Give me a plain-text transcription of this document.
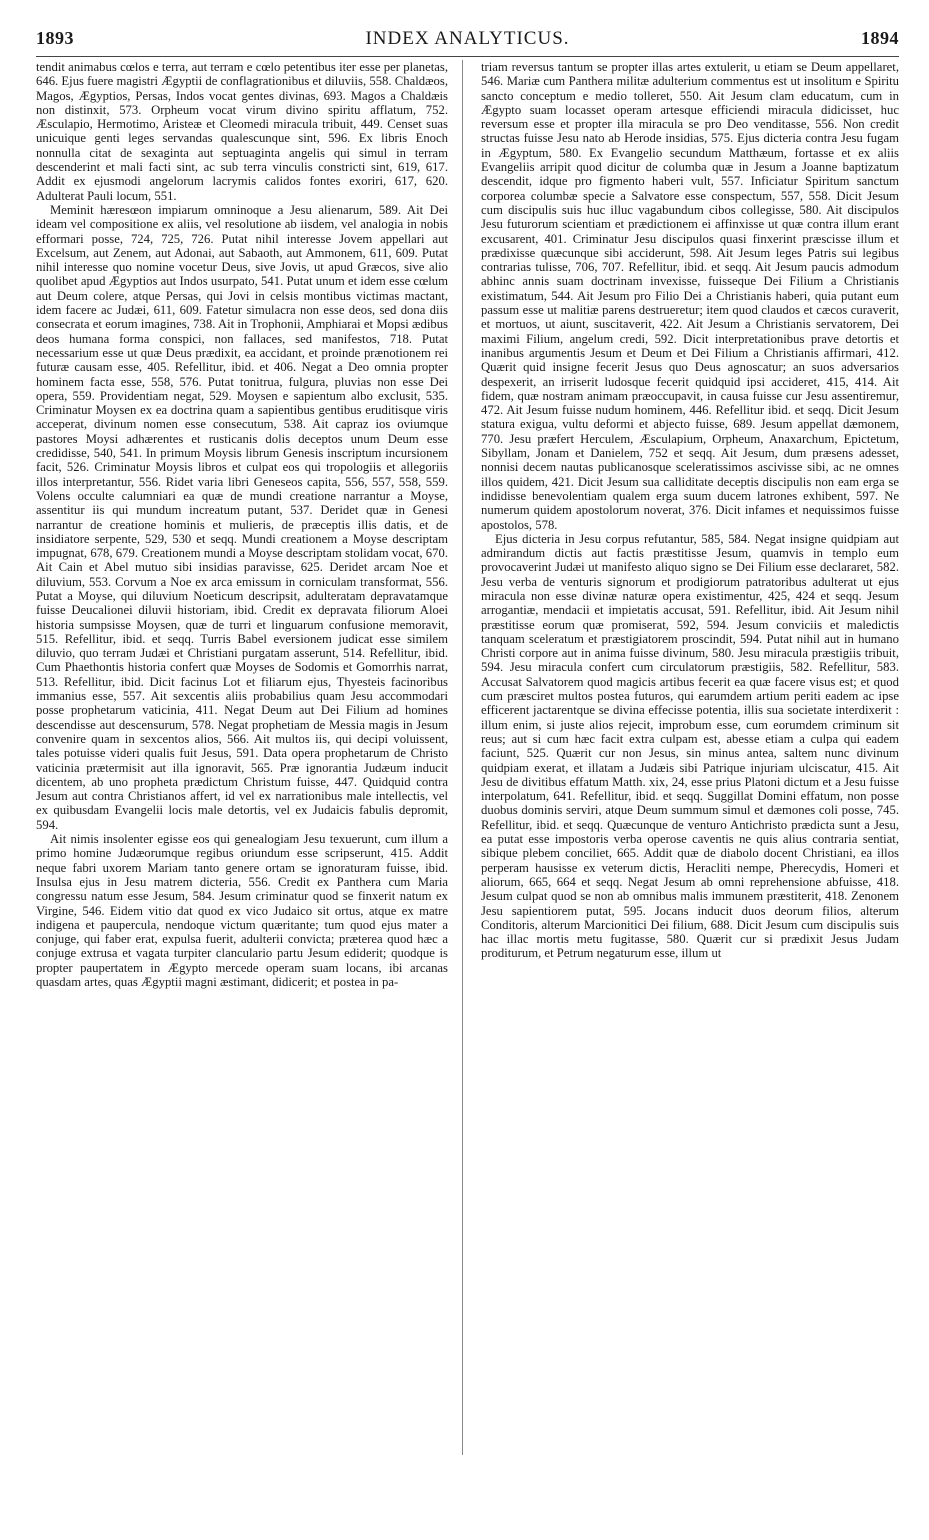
1893	INDEX ANALYTICUS.	1894

tendit animabus cœlos e terra, aut terram e cœlo petentibus iter esse per planetas, 646. Ejus fuere magistri Ægyptii de conflagrationibus et diluviis, 558. Chaldæos, Magos, Ægyptios, Persas, Indos vocat gentes divinas, 693. Magos a Chaldæis non distinxit, 573. Orpheum vocat virum divino spiritu afflatum, 752. Æsculapio, Hermotimo, Aristeæ et Cleomedi miracula tribuit, 449. Censet suas unicuique genti leges servandas qualescunque sint, 596. Ex libris Enoch nonnulla citat de sexaginta aut septuaginta angelis qui simul in terram descenderint et mali facti sint, ac sub terra vinculis constricti sint, 619, 617. Addit ex ejusmodi angelorum lacrymis calidos fontes exoriri, 617, 620. Adulterat Pauli locum, 551.

Meminit hæresœon impiarum omninoque a Jesu alienarum, 589. Ait Dei ideam vel compositione ex aliis, vel resolutione ab iisdem, vel analogia in nobis efformari posse, 724, 725, 726. Putat nihil interesse Jovem appellari aut Excelsum, aut Zenem, aut Adonai, aut Sabaoth, aut Ammonem, 611, 609. Putat nihil interesse quo nomine vocetur Deus, sive Jovis, ut apud Græcos, sive alio quolibet apud Ægyptios aut Indos usurpato, 541. Putat unum et idem esse cœlum aut Deum colere, atque Persas, qui Jovi in celsis montibus victimas mactant, idem facere ac Judæi, 611, 609. Fatetur simulacra non esse deos, sed dona diis consecrata et eorum imagines, 738. Ait in Trophonii, Amphiarai et Mopsi ædibus deos humana forma conspici, non fallaces, sed manifestos, 718. Putat necessarium esse ut quæ Deus prædixit, ea accidant, et proinde prænotionem rei futuræ causam esse, 405. Refellitur, ibid. et 406. Negat a Deo omnia propter hominem facta esse, 558, 576. Putat tonitrua, fulgura, pluvias non esse Dei opera, 559. Providentiam negat, 529. Moysen e sapientum albo exclusit, 535. Criminatur Moysen ex ea doctrina quam a sapientibus gentibus eruditisque viris acceperat, divinum nomen esse consecutum, 538. Ait capraz ios oviumque pastores Moysi adhærentes et rusticanis dolis deceptos unum Deum esse credidisse, 540, 541. In primum Moysis librum Genesis inscriptum incursionem facit, 526. Criminatur Moysis libros et culpat eos qui tropologiis et allegoriis illos interpretantur, 556. Ridet varia libri Geneseos capita, 556, 557, 558, 559. Volens occulte calumniari ea quæ de mundi creatione narrantur a Moyse, assentitur iis qui mundum increatum putant, 537. Deridet quæ in Genesi narrantur de creatione hominis et mulieris, de præceptis illis datis, et de insidiatore serpente, 529, 530 et seqq. Mundi creationem a Moyse descriptam impugnat, 678, 679. Creationem mundi a Moyse descriptam stolidam vocat, 670. Ait Cain et Abel mutuo sibi insidias paravisse, 625. Deridet arcam Noe et diluvium, 553. Corvum a Noe ex arca emissum in corniculam transformat, 556. Putat a Moyse, qui diluvium Noeticum descripsit, adulteratam depravatamque fuisse Deucalionei diluvii historiam, ibid. Credit ex depravata filiorum Aloei historia sumpsisse Moysen, quæ de turri et linguarum confusione memoravit, 515. Refellitur, ibid. et seqq. Turris Babel eversionem judicat esse similem diluvio, quo terram Judæi et Christiani purgatam asserunt, 514. Refellitur, ibid. Cum Phaethontis historia confert quæ Moyses de Sodomis et Gomorrhis narrat, 513. Refellitur, ibid. Dicit facinus Lot et filiarum ejus, Thyesteis facinoribus immanius esse, 557. Ait sexcentis aliis probabilius quam Jesu accommodari posse prophetarum vaticinia, 411. Negat Deum aut Dei Filium ad homines descendisse aut descensurum, 578. Negat prophetiam de Messia magis in Jesum convenire quam in sexcentos alios, 566. Ait multos iis, qui decipi voluissent, tales potuisse videri qualis fuit Jesus, 591. Data opera prophetarum de Christo vaticinia prætermisit aut illa ignoravit, 565. Præ ignorantia Judæum inducit dicentem, ab uno propheta prædictum Christum fuisse, 447. Quidquid contra Jesum aut contra Christianos affert, id vel ex narrationibus male intellectis, vel ex quibusdam Evangelii locis male detortis, vel ex Judaicis fabulis depromit, 594.

Ait nimis insolenter egisse eos qui genealogiam Jesu texuerunt, cum illum a primo homine Judæorumque regibus oriundum esse scripserunt, 415. Addit neque fabri uxorem Mariam tanto genere ortam se ignoraturam fuisse, ibid. Insulsa ejus in Jesu matrem dicteria, 556. Credit ex Panthera cum Maria congressu natum esse Jesum, 584. Jesum criminatur quod se finxerit natum ex Virgine, 546. Eidem vitio dat quod ex vico Judaico sit ortus, atque ex matre indigena et paupercula, nendoque victum quæritante; tum quod ejus mater a conjuge, qui faber erat, expulsa fuerit, adulterii convicta; præterea quod hæc a conjuge extrusa et vagata turpiter clanculario partu Jesum ediderit; quodque is propter paupertatem in Ægypto mercede operam suam locans, ibi arcanas quasdam artes, quas Ægyptii magni æstimant, didicerit; et postea in pa-

triam reversus tantum se propter illas artes extulerit, u etiam se Deum appellaret, 546. Mariæ cum Panthera militæ adulterium commentus est ut insolitum e Spiritu sancto conceptum e medio tolleret, 550. Ait Jesum clam educatum, cum in Ægypto suam locasset operam artesque efficiendi miracula didicisset, huc reversum esse et propter illa miracula se pro Deo venditasse, 556. Non credit structas fuisse Jesu nato ab Herode insidias, 575. Ejus dicteria contra Jesu fugam in Ægyptum, 580. Ex Evangelio secundum Matthæum, fortasse et ex aliis Evangeliis arripit quod dicitur de columba quæ in Jesum a Joanne baptizatum descendit, idque pro figmento haberi vult, 557. Inficiatur Spiritum sanctum corporea columbæ specie a Salvatore esse conspectum, 557, 558. Dicit Jesum cum discipulis suis huc illuc vagabundum cibos collegisse, 580. Ait discipulos Jesu futurorum scientiam et prædictionem ei affinxisse ut quæ contra illum erant excusarent, 401. Criminatur Jesu discipulos quasi finxerint præscisse illum et prædixisse quæcunque sibi acciderunt, 598. Ait Jesum leges Patris sui legibus contrarias tulisse, 706, 707. Refellitur, ibid. et seqq. Ait Jesum paucis admodum abhinc annis suam doctrinam invexisse, fuisseque Dei Filium a Christianis existimatum, 544. Ait Jesum pro Filio Dei a Christianis haberi, quia putant eum passum esse ut malitiæ parens destrueretur; item quod claudos et cæcos curaverit, et mortuos, ut aiunt, suscitaverit, 422. Ait Jesum a Christianis servatorem, Dei maximi Filium, angelum credi, 592. Dicit interpretationibus prave detortis et inanibus argumentis Jesum et Deum et Dei Filium a Christianis affirmari, 412. Quærit quid insigne fecerit Jesus quo Deus agnoscatur; an suos adversarios despexerit, an irriserit ludosque fecerit quidquid ipsi accideret, 415, 414. Ait fidem, quæ nostram animam præoccupavit, in causa fuisse cur Jesu assentiremur, 472. Ait Jesum fuisse nudum hominem, 446. Refellitur ibid. et seqq. Dicit Jesum statura exigua, vultu deformi et abjecto fuisse, 689. Jesum appellat dæmonem, 770. Jesu præfert Herculem, Æsculapium, Orpheum, Anaxarchum, Epictetum, Sibyllam, Jonam et Danielem, 752 et seqq. Ait Jesum, dum præsens adesset, nonnisi decem nautas publicanosque sceleratissimos ascivisse sibi, ac ne omnes illos quidem, 421. Dicit Jesum sua calliditate deceptis discipulis non eam erga se indidisse benevolentiam qualem erga suum ducem latrones exhibent, 597. Ne numerum quidem apostolorum noverat, 376. Dicit infames et nequissimos fuisse apostolos, 578.

Ejus dicteria in Jesu corpus refutantur, 585, 584. Negat insigne quidpiam aut admirandum dictis aut factis præstitisse Jesum, quamvis in templo eum provocaverint Judæi ut manifesto aliquo signo se Dei Filium esse declararet, 582. Jesu verba de venturis signorum et prodigiorum patratoribus adulterat ut ejus miracula non esse divinæ naturæ opera existimentur, 425, 424 et seqq. Jesum arrogantiæ, mendacii et impietatis accusat, 591. Refellitur, ibid. Ait Jesum nihil præstitisse eorum quæ promiserat, 592, 594. Jesum conviciis et maledictis tanquam sceleratum et præstigiatorem proscindit, 594. Putat nihil aut in humano Christi corpore aut in anima fuisse divinum, 580. Jesu miracula præstigiis tribuit, 594. Jesu miracula confert cum circulatorum præstigiis, 582. Refellitur, 583. Accusat Salvatorem quod magicis artibus fecerit ea quæ facere visus est; et quod cum præsciret multos postea futuros, qui earumdem artium periti eadem ac ipse efficerent jactarentque se divina effecisse potentia, illis sua societate interdixerit : illum enim, si juste alios rejecit, improbum esse, cum eorumdem criminum sit reus; aut si cum hæc facit extra culpam est, abesse etiam a culpa qui eadem faciunt, 525. Quærit cur non Jesus, sin minus antea, saltem nunc divinum quidpiam exerat, et illatam a Judæis sibi Patrique injuriam ulciscatur, 415. Ait Jesu de divitibus effatum Matth. xix, 24, esse prius Platoni dictum et a Jesu fuisse interpolatum, 641. Refellitur, ibid. et seqq. Suggillat Domini effatum, non posse duobus dominis serviri, atque Deum summum simul et dæmones coli posse, 745. Refellitur, ibid. et seqq. Quæcunque de venturo Antichristo prædicta sunt a Jesu, ea putat esse impostoris verba operose caventis ne quis alius contraria sentiat, sibique plebem conciliet, 665. Addit quæ de diabolo docent Christiani, ea illos perperam hausisse ex veterum dictis, Heracliti nempe, Pherecydis, Homeri et aliorum, 665, 664 et seqq. Negat Jesum ab omni reprehensione abfuisse, 418. Jesum culpat quod se non ab omnibus malis immunem præstiterit, 418. Zenonem Jesu sapientiorem putat, 595. Jocans inducit duos deorum filios, alterum Conditoris, alterum Marcionitici Dei filium, 688. Dicit Jesum cum discipulis suis hac illac mortis metu fugitasse, 580. Quærit cur si prædixit Jesus Judam proditurum, et Petrum negaturum esse, illum ut
